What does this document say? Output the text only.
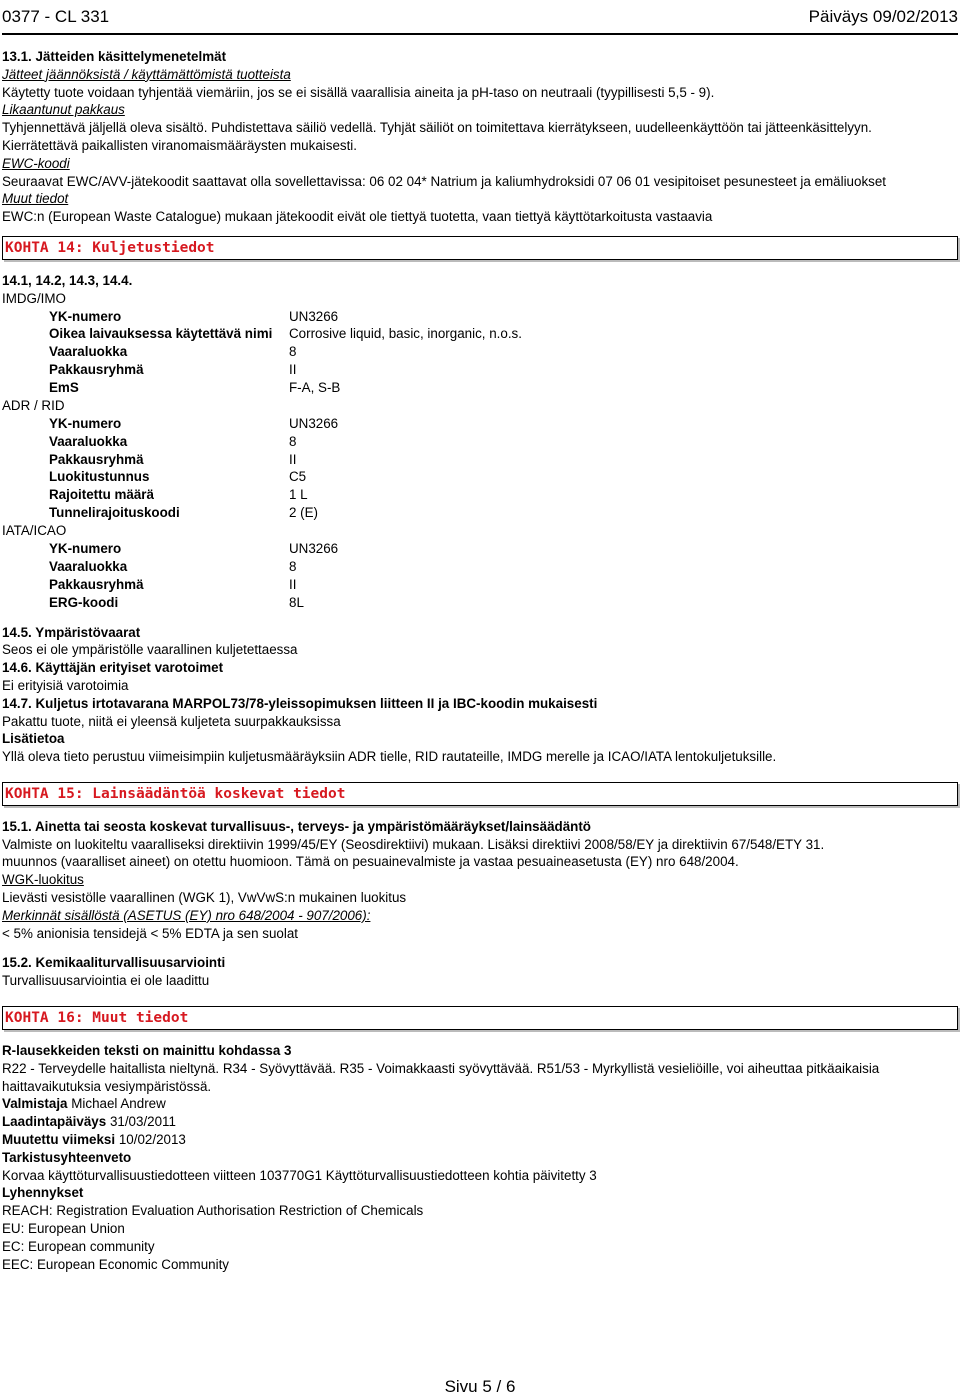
0377 - CL 331	Päiväys 09/02/2013
13.1. Jätteiden käsittelymenetelmät
Jätteet jäännöksistä / käyttämättömistä tuotteista
Käytetty tuote voidaan tyhjentää viemäriin, jos se ei sisällä vaarallisia aineita ja pH-taso on neutraali (tyypillisesti 5,5 - 9).
Likaantunut pakkaus
Tyhjennettävä jäljellä oleva sisältö. Puhdistettava säiliö vedellä. Tyhjät säiliöt on toimitettava kierrätykseen, uudelleenkäyttöön tai jätteenkäsittelyyn.
Kierrätettävä paikallisten viranomaismääräysten mukaisesti.
EWC-koodi
Seuraavat EWC/AVV-jätekoodit saattavat olla sovellettavissa: 06 02 04* Natrium ja kaliumhydroksidi 07 06 01 vesipitoiset pesunesteet ja emäliuokset
Muut tiedot
EWC:n (European Waste Catalogue) mukaan jätekoodit eivät ole tiettyä tuotetta, vaan tiettyä käyttötarkoitusta vastaavia
KOHTA 14: Kuljetustiedot
14.1, 14.2, 14.3, 14.4.
IMDG/IMO
YK-numero	UN3266
Oikea laivauksessa käytettävä nimi	Corrosive liquid, basic, inorganic, n.o.s.
Vaaraluokka	8
Pakkausryhmä	II
EmS	F-A, S-B
ADR / RID
YK-numero	UN3266
Vaaraluokka	8
Pakkausryhmä	II
Luokitustunnus	C5
Rajoitettu määrä	1 L
Tunnelirajoituskoodi	2 (E)
IATA/ICAO
YK-numero	UN3266
Vaaraluokka	8
Pakkausryhmä	II
ERG-koodi	8L
14.5. Ympäristövaarat
Seos ei ole ympäristölle vaarallinen kuljetettaessa
14.6. Käyttäjän erityiset varotoimet
Ei erityisiä varotoimia
14.7. Kuljetus irtotavarana MARPOL73/78-yleissopimuksen liitteen II ja IBC-koodin mukaisesti
Pakattu tuote, niitä ei yleensä kuljeteta suurpakkauksissa
Lisätietoa
Yllä oleva tieto perustuu viimeisimpiin kuljetusmääräyksiin ADR tielle, RID rautateille, IMDG merelle ja ICAO/IATA lentokuljetuksille.
KOHTA 15: Lainsäädäntöä koskevat tiedot
15.1. Ainetta tai seosta koskevat turvallisuus-, terveys- ja ympäristömääräykset/lainsäädäntö
Valmiste on luokiteltu vaaralliseksi direktiivin 1999/45/EY (Seosdirektiivi) mukaan. Lisäksi direktiivi 2008/58/EY ja direktiivin 67/548/ETY 31.
muunnos (vaaralliset aineet) on otettu huomioon. Tämä on pesuainevalmiste ja vastaa pesuaineasetusta (EY) nro 648/2004.
WGK-luokitus
Lievästi vesistölle vaarallinen (WGK 1), VwVwS:n mukainen luokitus
Merkinnät sisällöstä (ASETUS (EY) nro 648/2004 - 907/2006):
< 5% anionisia tensidejä < 5% EDTA ja sen suolat
15.2. Kemikaaliturvallisuusarviointi
Turvallisuusarviointia ei ole laadittu
KOHTA 16: Muut tiedot
R-lausekkeiden teksti on mainittu kohdassa 3
R22 - Terveydelle haitallista nieltynä. R34 - Syövyttävää. R35 - Voimakkaasti syövyttävää. R51/53 - Myrkyllistä vesieliöille, voi aiheuttaa pitkäaikaisia haittavaikutuksia vesiympäristössä.
Valmistaja Michael Andrew
Laadintapäiväys 31/03/2011
Muutettu viimeksi 10/02/2013
Tarkistusyhteenveto
Korvaa käyttöturvallisuustiedotteen viitteen 103770G1 Käyttöturvallisuustiedotteen kohtia päivitetty 3
Lyhennykset
REACH: Registration Evaluation Authorisation Restriction of Chemicals
EU: European Union
EC: European community
EEC: European Economic Community
Sivu 5 / 6
